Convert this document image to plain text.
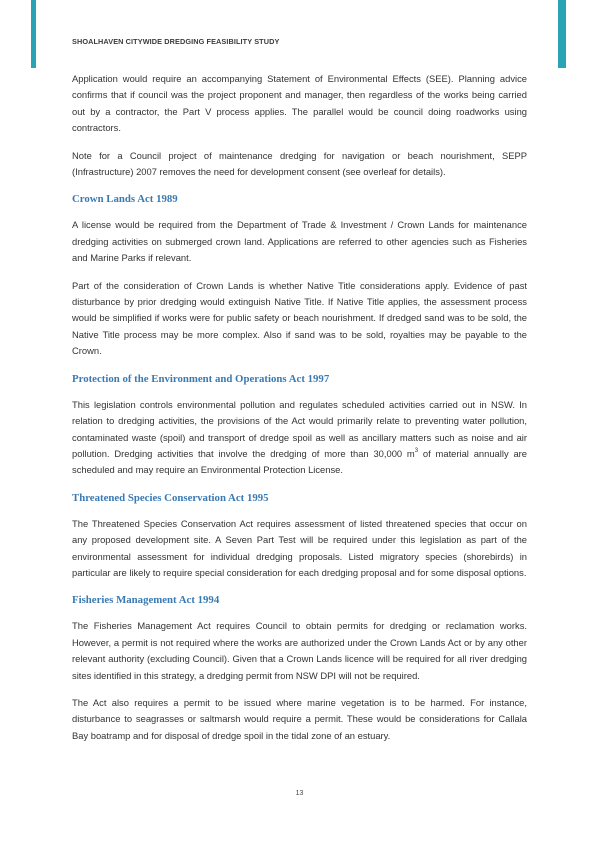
SHOALHAVEN CITYWIDE DREDGING FEASIBILITY STUDY

Application would require an accompanying Statement of Environmental Effects (SEE). Planning advice confirms that if council was the project proponent and manager, then regardless of the works being carried out by a contractor, the Part V process applies. The parallel would be council doing roadworks using contractors.

Note for a Council project of maintenance dredging for navigation or beach nourishment, SEPP (Infrastructure) 2007 removes the need for development consent (see overleaf for details).

Crown Lands Act 1989

A license would be required from the Department of Trade & Investment / Crown Lands for maintenance dredging activities on submerged crown land. Applications are referred to other agencies such as Fisheries and Marine Parks if relevant.

Part of the consideration of Crown Lands is whether Native Title considerations apply. Evidence of past disturbance by prior dredging would extinguish Native Title. If Native Title applies, the assessment process would be simplified if works were for public safety or beach nourishment. If dredged sand was to be sold, the Native Title process may be more complex. Also if sand was to be sold, royalties may be payable to the Crown.

Protection of the Environment and Operations Act 1997

This legislation controls environmental pollution and regulates scheduled activities carried out in NSW. In relation to dredging activities, the provisions of the Act would primarily relate to preventing water pollution, contaminated waste (spoil) and transport of dredge spoil as well as ancillary matters such as noise and air pollution. Dredging activities that involve the dredging of more than 30,000 $m^3$ of material annually are scheduled and may require an Environmental Protection License.

Threatened Species Conservation Act 1995

The Threatened Species Conservation Act requires assessment of listed threatened species that occur on any proposed development site. A Seven Part Test will be required under this legislation as part of the environmental assessment for individual dredging proposals. Listed migratory species (shorebirds) in particular are likely to require special consideration for each dredging proposal and for some disposal options.

Fisheries Management Act 1994

The Fisheries Management Act requires Council to obtain permits for dredging or reclamation works. However, a permit is not required where the works are authorized under the Crown Lands Act or by any other relevant authority (excluding Council). Given that a Crown Lands licence will be required for all river dredging sites identified in this strategy, a dredging permit from NSW DPI will not be required.

The Act also requires a permit to be issued where marine vegetation is to be harmed. For instance, disturbance to seagrasses or saltmarsh would require a permit. These would be considerations for Callala Bay boatramp and for disposal of dredge spoil in the tidal zone of an estuary.

13
